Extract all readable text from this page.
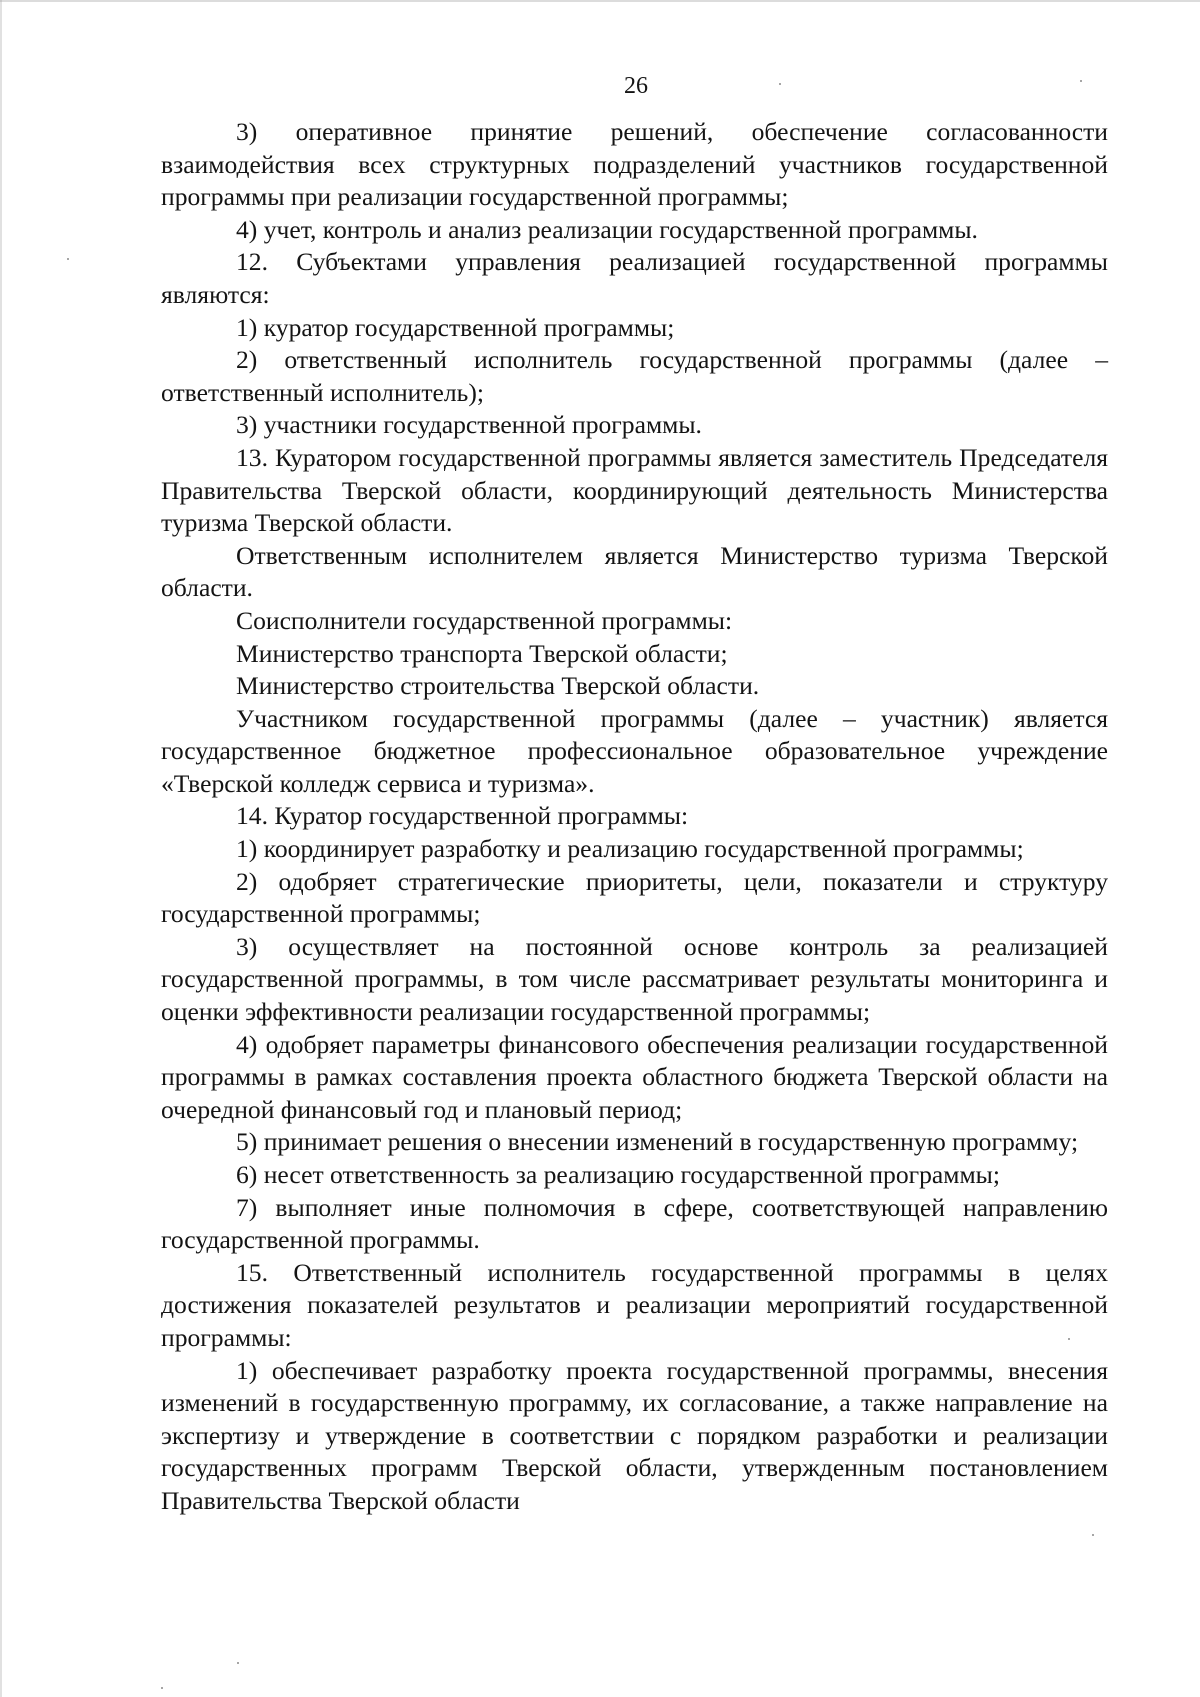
26

3) оперативное принятие решений, обеспечение согласованности взаимодействия всех структурных подразделений участников государственной программы при реализации государственной программы;

4) учет, контроль и анализ реализации государственной программы.

12. Субъектами управления реализацией государственной программы являются:

1) куратор государственной программы;

2) ответственный исполнитель государственной программы (далее – ответственный исполнитель);

3) участники государственной программы.

13. Куратором государственной программы является заместитель Председателя Правительства Тверской области, координирующий деятельность Министерства туризма Тверской области.

Ответственным исполнителем является Министерство туризма Тверской области.

Соисполнители государственной программы:

Министерство транспорта Тверской области;

Министерство строительства Тверской области.

Участником государственной программы (далее – участник) является государственное бюджетное профессиональное образовательное учреждение «Тверской колледж сервиса и туризма».

14. Куратор государственной программы:

1) координирует разработку и реализацию государственной программы;

2) одобряет стратегические приоритеты, цели, показатели и структуру государственной программы;

3) осуществляет на постоянной основе контроль за реализацией государственной программы, в том числе рассматривает результаты мониторинга и оценки эффективности реализации государственной программы;

4) одобряет параметры финансового обеспечения реализации государственной программы в рамках составления проекта областного бюджета Тверской области на очередной финансовый год и плановый период;

5) принимает решения о внесении изменений в государственную программу;

6) несет ответственность за реализацию государственной программы;

7) выполняет иные полномочия в сфере, соответствующей направлению государственной программы.

15. Ответственный исполнитель государственной программы в целях достижения показателей результатов и реализации мероприятий государственной программы:

1) обеспечивает разработку проекта государственной программы, внесения изменений в государственную программу, их согласование, а также направление на экспертизу и утверждение в соответствии с порядком разработки и реализации государственных программ Тверской области, утвержденным постановлением Правительства Тверской области
